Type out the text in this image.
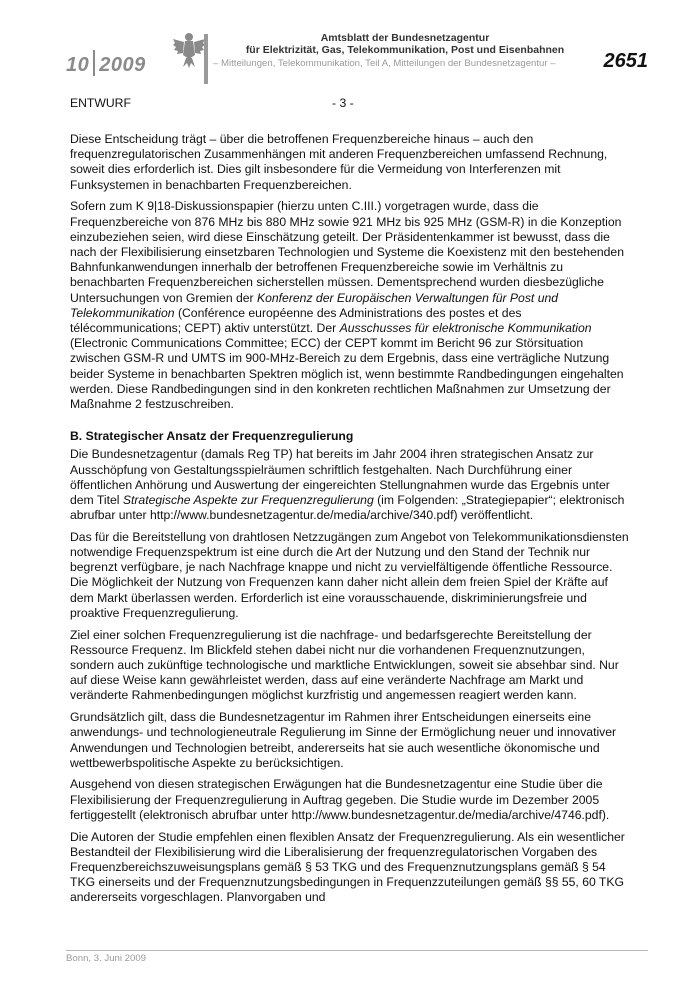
10 2009
Amtsblatt der Bundesnetzagentur
für Elektrizität, Gas, Telekommunikation, Post und Eisenbahnen
– Mitteilungen, Telekommunikation, Teil A, Mitteilungen der Bundesnetzagentur – 2651
ENTWURF	- 3 -

Diese Entscheidung trägt – über die betroffenen Frequenzbereiche hinaus – auch den frequenzregulatorischen Zusammenhängen mit anderen Frequenzbereichen umfassend Rechnung, soweit dies erforderlich ist. Dies gilt insbesondere für die Vermeidung von Interferenzen mit Funksystemen in benachbarten Frequenzbereichen.

Sofern zum K 9|18-Diskussionspapier (hierzu unten C.III.) vorgetragen wurde, dass die Frequenzbereiche von 876 MHz bis 880 MHz sowie 921 MHz bis 925 MHz (GSM-R) in die Konzeption einzubeziehen seien, wird diese Einschätzung geteilt. Der Präsidentenkammer ist bewusst, dass die nach der Flexibilisierung einsetzbaren Technologien und Systeme die Koexistenz mit den bestehenden Bahnfunkanwendungen innerhalb der betroffenen Frequenzbereiche sowie im Verhältnis zu benachbarten Frequenzbereichen sicherstellen müssen. Dementsprechend wurden diesbezügliche Untersuchungen von Gremien der Konferenz der Europäischen Verwaltungen für Post und Telekommunikation (Conférence européenne des Administrations des postes et des télécommunications; CEPT) aktiv unterstützt. Der Ausschusses für elektronische Kommunikation (Electronic Communications Committee; ECC) der CEPT kommt im Bericht 96 zur Störsituation zwischen GSM-R und UMTS im 900-MHz-Bereich zu dem Ergebnis, dass eine verträgliche Nutzung beider Systeme in benachbarten Spektren möglich ist, wenn bestimmte Randbedingungen eingehalten werden. Diese Randbedingungen sind in den konkreten rechtlichen Maßnahmen zur Umsetzung der Maßnahme 2 festzuschreiben.

B. Strategischer Ansatz der Frequenzregulierung

Die Bundesnetzagentur (damals Reg TP) hat bereits im Jahr 2004 ihren strategischen Ansatz zur Ausschöpfung von Gestaltungsspielräumen schriftlich festgehalten. Nach Durchführung einer öffentlichen Anhörung und Auswertung der eingereichten Stellungnahmen wurde das Ergebnis unter dem Titel Strategische Aspekte zur Frequenzregulierung (im Folgenden: „Strategiepapier“; elektronisch abrufbar unter http://www.bundesnetzagentur.de/media/archive/340.pdf) veröffentlicht.

Das für die Bereitstellung von drahtlosen Netzzugängen zum Angebot von Telekommunikationsdiensten notwendige Frequenzspektrum ist eine durch die Art der Nutzung und den Stand der Technik nur begrenzt verfügbare, je nach Nachfrage knappe und nicht zu vervielfältigende öffentliche Ressource. Die Möglichkeit der Nutzung von Frequenzen kann daher nicht allein dem freien Spiel der Kräfte auf dem Markt überlassen werden. Erforderlich ist eine vorausschauende, diskriminierungsfreie und proaktive Frequenzregulierung.

Ziel einer solchen Frequenzregulierung ist die nachfrage- und bedarfsgerechte Bereitstellung der Ressource Frequenz. Im Blickfeld stehen dabei nicht nur die vorhandenen Frequenznutzungen, sondern auch zukünftige technologische und marktliche Entwicklungen, soweit sie absehbar sind. Nur auf diese Weise kann gewährleistet werden, dass auf eine veränderte Nachfrage am Markt und veränderte Rahmenbedingungen möglichst kurzfristig und angemessen reagiert werden kann.

Grundsätzlich gilt, dass die Bundesnetzagentur im Rahmen ihrer Entscheidungen einerseits eine anwendungs- und technologieneutrale Regulierung im Sinne der Ermöglichung neuer und innovativer Anwendungen und Technologien betreibt, andererseits hat sie auch wesentliche ökonomische und wettbewerbspolitische Aspekte zu berücksichtigen.

Ausgehend von diesen strategischen Erwägungen hat die Bundesnetzagentur eine Studie über die Flexibilisierung der Frequenzregulierung in Auftrag gegeben. Die Studie wurde im Dezember 2005 fertiggestellt (elektronisch abrufbar unter http://www.bundesnetzagentur.de/media/archive/4746.pdf).

Die Autoren der Studie empfehlen einen flexiblen Ansatz der Frequenzregulierung. Als ein wesentlicher Bestandteil der Flexibilisierung wird die Liberalisierung der frequenzregulatorischen Vorgaben des Frequenzbereichszuweisungsplans gemäß § 53 TKG und des Frequenznutzungsplans gemäß § 54 TKG einerseits und der Frequenznutzungsbedingungen in Frequenzzuteilungen gemäß §§ 55, 60 TKG andererseits vorgeschlagen. Planvorgaben und

Bonn, 3. Juni 2009
